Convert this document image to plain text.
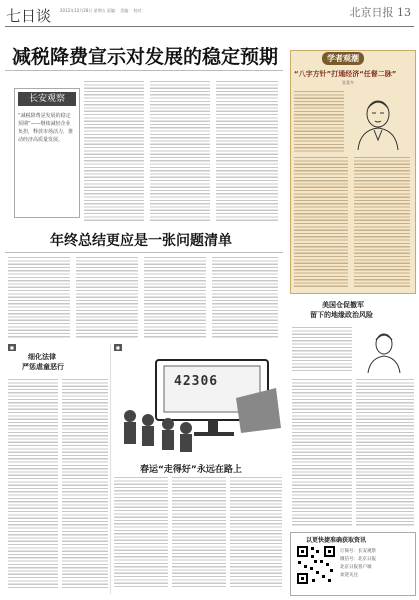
七日谈 2012年12月28日 星期五 责编： 美编： 校对：	北京日报 13
减税降费宣示对发展的稳定预期
长安观察
“减税降费是发展的稳定预期”——继续减轻企业负担，释放市场活力，推动经济高质量发展。
年终总结更应是一张问题清单
学者观潮
“八字方针”打通经济“任督二脉”
宣喜多
美国仓促撤军
留下的地缘政治风险
■
细化法律
严惩虐童恶行
■
42306
春运“走得好”永远在路上
以更快捷准确获取资讯
订阅号：长安观察
微信号：北京日报
北京日报客户端
欢迎关注
